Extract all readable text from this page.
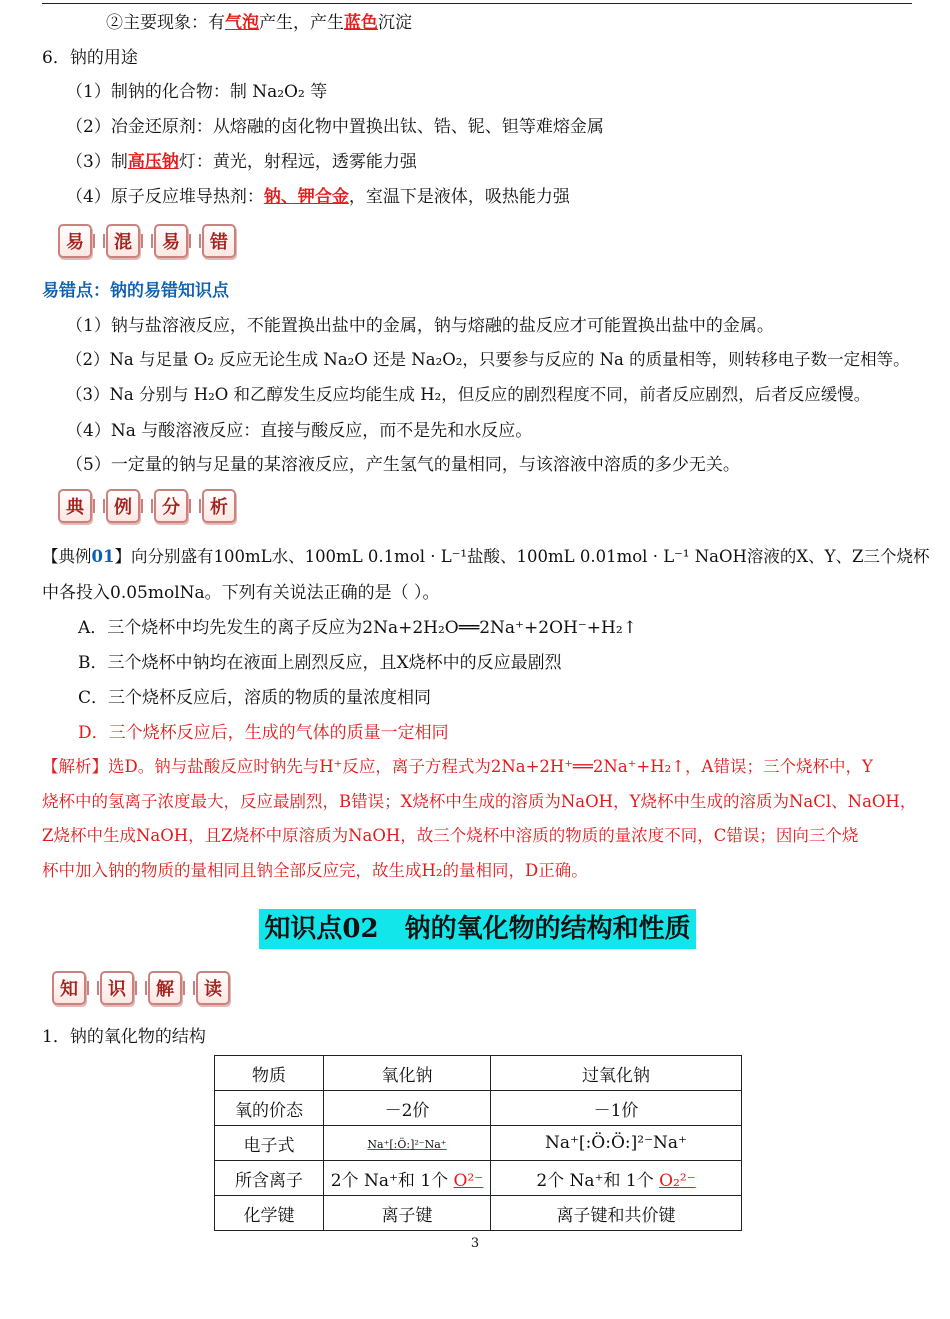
②主要现象：有气泡产生，产生蓝色沉淀
6．钠的用途
（1）制钠的化合物：制 Na₂O₂ 等
（2）冶金还原剂：从熔融的卤化物中置换出钛、锆、铌、钽等难熔金属
（3）制高压钠灯：黄光，射程远，透雾能力强
（4）原子反应堆导热剂：钠、钾合金，室温下是液体，吸热能力强
易	混	易	错
易错点：钠的易错知识点
（1）钠与盐溶液反应，不能置换出盐中的金属，钠与熔融的盐反应才可能置换出盐中的金属。
（2）Na 与足量 O₂ 反应无论生成 Na₂O 还是 Na₂O₂，只要参与反应的 Na 的质量相等，则转移电子数一定相等。
（3）Na 分别与 H₂O 和乙醇发生反应均能生成 H₂，但反应的剧烈程度不同，前者反应剧烈，后者反应缓慢。
（4）Na 与酸溶液反应：直接与酸反应，而不是先和水反应。
（5）一定量的钠与足量的某溶液反应，产生氢气的量相同，与该溶液中溶质的多少无关。
典	例	分	析
【典例01】向分别盛有100mL水、100mL 0.1mol · L⁻¹盐酸、100mL 0.01mol · L⁻¹ NaOH溶液的X、Y、Z三个烧杯
中各投入0.05molNa。下列有关说法正确的是（ ）。
A．三个烧杯中均先发生的离子反应为2Na+2H₂O══2Na⁺+2OH⁻+H₂↑
B．三个烧杯中钠均在液面上剧烈反应，且X烧杯中的反应最剧烈
C．三个烧杯反应后，溶质的物质的量浓度相同
D．三个烧杯反应后，生成的气体的质量一定相同
【解析】选D。钠与盐酸反应时钠先与H⁺反应，离子方程式为2Na+2H⁺══2Na⁺+H₂↑，A错误；三个烧杯中，Y
烧杯中的氢离子浓度最大，反应最剧烈，B错误；X烧杯中生成的溶质为NaOH，Y烧杯中生成的溶质为NaCl、NaOH，
Z烧杯中生成NaOH，且Z烧杯中原溶质为NaOH，故三个烧杯中溶质的物质的量浓度不同，C错误；因向三个烧
杯中加入钠的物质的量相同且钠全部反应完，故生成H₂的量相同，D正确。
知识点02　钠的氧化物的结构和性质
知	识	解	读
1．钠的氧化物的结构
物质	氧化钠	过氧化钠
氧的价态	－2价	－1价
电子式	Na⁺[:Ö:]²⁻Na⁺	Na⁺[:Ö:Ö:]²⁻Na⁺
所含离子	2个 Na⁺和 1个 O²⁻	2个 Na⁺和 1个 O₂²⁻
化学键	离子键	离子键和共价键
3
